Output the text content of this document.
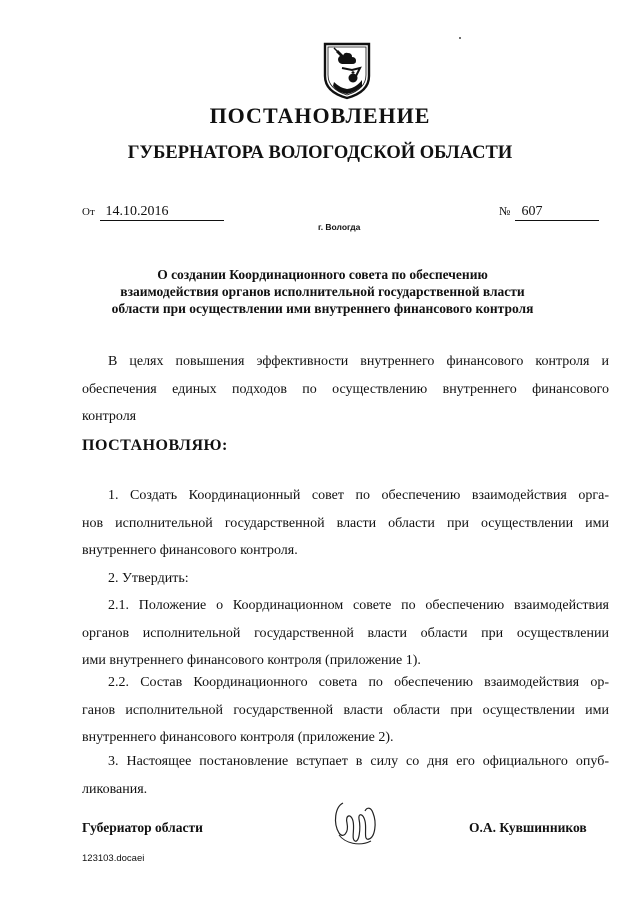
ПОСТАНОВЛЕНИЕ
ГУБЕРНАТОРА ВОЛОГОДСКОЙ ОБЛАСТИ
От 14.10.2016	№ 607
г. Вологда
О создании Координационного совета по обеспечению
взаимодействия органов исполнительной государственной власти
области при осуществлении ими внутреннего финансового контроля
В целях повышения эффективности внутреннего финансового контроля и
обеспечения единых подходов по осуществлению внутреннего финансового
контроля
ПОСТАНОВЛЯЮ:
1. Создать Координационный совет по обеспечению взаимодействия орга-
нов исполнительной государственной власти области при осуществлении ими
внутреннего финансового контроля.
2. Утвердить:
2.1. Положение о Координационном совете по обеспечению взаимодействия
органов исполнительной государственной власти области при осуществлении
ими внутреннего финансового контроля (приложение 1).
2.2. Состав Координационного совета по обеспечению взаимодействия ор-
ганов исполнительной государственной власти области при осуществлении ими
внутреннего финансового контроля (приложение 2).
3. Настоящее постановление вступает в силу со дня его официального опуб-
ликования.
Губериатор области	О.А. Кувшинников
123103.docaei
